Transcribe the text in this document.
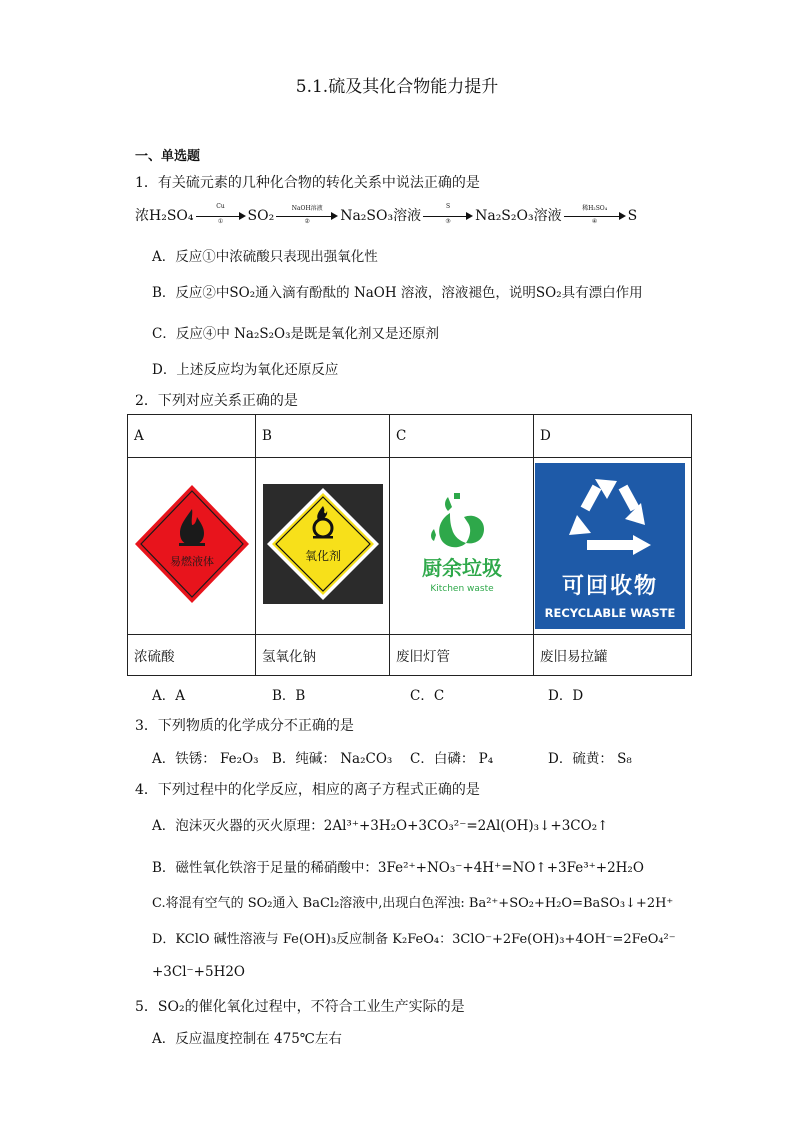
5.1.硫及其化合物能力提升
一、单选题
1．有关硫元素的几种化合物的转化关系中说法正确的是
浓H₂SO₄
Cu
①	SO₂	NaOH溶液
②	Na₂SO₃溶液
S
③	Na₂S₂O₃溶液	稀H₂SO₄
④	S
A．反应①中浓硫酸只表现出强氧化性
B．反应②中SO₂通入滴有酚酞的 NaOH 溶液，溶液褪色，说明SO₂具有漂白作用
C．反应④中 Na₂S₂O₃是既是氧化剂又是还原剂
D．上述反应均为氧化还原反应
2．下列对应关系正确的是
A	B	C	D

易燃液体	氧化剂	厨余垃圾
Kitchen waste	可回收物
RECYCLABLE WASTE

浓硫酸	氢氧化钠	废旧灯管	废旧易拉罐
A．A	B．B	C．C	D．D
3．下列物质的化学成分不正确的是
A．铁锈： Fe₂O₃ B．纯碱： Na₂CO₃ C．白磷： P₄	D．硫黄： S₈
4．下列过程中的化学反应，相应的离子方程式正确的是
A．泡沫灭火器的灭火原理：2Al³⁺+3H₂O+3CO₃²⁻=2Al(OH)₃↓+3CO₂↑
B．磁性氧化铁溶于足量的稀硝酸中：3Fe²⁺+NO₃⁻+4H⁺=NO↑+3Fe³⁺+2H₂O
C.将混有空气的 SO₂通入 BaCl₂溶液中,出现白色浑浊: Ba²⁺+SO₂+H₂O=BaSO₃↓+2H⁺
D．KClO 碱性溶液与 Fe(OH)₃反应制备 K₂FeO₄：3ClO⁻+2Fe(OH)₃+4OH⁻=2FeO₄²⁻
+3Cl⁻+5H2O
5．SO₂的催化氧化过程中，不符合工业生产实际的是
A．反应温度控制在 475℃左右
